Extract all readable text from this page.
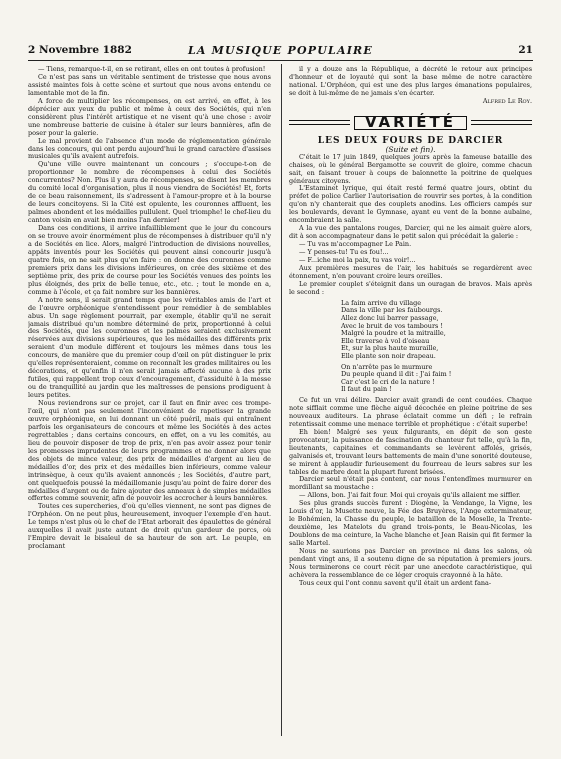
2 Novembre 1882	LA MUSIQUE POPULAIRE	21

— Tiens, remarque-t-il, en se retirant, elles en ont toutes à profusion!

Ce n'est pas sans un véritable sentiment de tristesse que nous avons assisté maintes fois à cette scène et surtout que nous avons entendu ce lamentable mot de la fin.

A force de multiplier les récompenses, on est arrivé, en effet, à les déprécier aux yeux du public et même à ceux des Sociétés, qui n'en considèrent plus l'intérêt artistique et ne visent qu'à une chose : avoir une nombreuse batterie de cuisine à étaler sur leurs bannières, afin de poser pour la galerie.

Le mal provient de l'absence d'un mode de réglementation générale dans les concours, qui ont perdu aujourd'hui le grand caractère d'assises musicales qu'ils avaient autrefois.

Qu'une ville ouvre maintenant un concours ; s'occupe-t-on de proportionner le nombre de récompenses à celui des Sociétés concurrentes? Non. Plus il y aura de récompenses, se disent les membres du comité local d'organisation, plus il nous viendra de Sociétés! Et, forts de ce beau raisonnement, ils s'adressent à l'amour-propre et à la bourse de leurs concitoyens. Si la Cité est opulente, les couronnes affluent, les palmes abondent et les médailles pullulent. Quel triomphe! le chef-lieu du canton voisin en avait bien moins l'an dernier!

Dans ces conditions, il arrive infailliblement que le jour du concours on se trouve avoir énormément plus de récompenses à distribuer qu'il n'y a de Sociétés en lice. Alors, malgré l'introduction de divisions nouvelles, appâts inventés pour les Sociétés qui peuvent ainsi concourir jusqu'à quatre fois, on ne sait plus qu'en faire : on donne des couronnes comme premiers prix dans les divisions inférieures, on crée des sixième et des septième prix, des prix de course pour les Sociétés venues des points les plus éloignés, des prix de belle tenue, etc., etc. ; tout le monde en a, comme à l'école, et ça fait nombre sur les bannières.

A notre sens, il serait grand temps que les véritables amis de l'art et de l'œuvre orphéonique s'entendissent pour remédier à de semblables abus. Un sage règlement pourrait, par exemple, établir qu'il ne serait jamais distribué qu'un nombre déterminé de prix, proportionné à celui des Sociétés, que les couronnes et les palmes seraient exclusivement réservées aux divisions supérieures, que les médailles des différents prix seraient d'un module différent et toujours les mêmes dans tous les concours, de manière que du premier coup d'œil on pût distinguer le prix qu'elles représenteraient, comme on reconnaît les grades militaires ou les décorations, et qu'enfin il n'en serait jamais affecté aucune à des prix futiles, qui rappellent trop ceux d'encouragement, d'assiduité à la messe ou de tranquillité au jardin que les maîtresses de pensions prodiguent à leurs petites.

Nous reviendrons sur ce projet, car il faut en finir avec ces trompe-l'œil, qui n'ont pas seulement l'inconvénient de rapetisser la grande œuvre orphéonique, en lui donnant un côté puéril, mais qui entraînent parfois les organisateurs de concours et même les Sociétés à des actes regrettables ; dans certains concours, en effet, on a vu les comités, au lieu de pouvoir disposer de trop de prix, n'en pas avoir assez pour tenir les promesses imprudentes de leurs programmes et ne donner alors que des objets de mince valeur, des prix de médailles d'argent au lieu de médailles d'or, des prix et des médailles bien inférieurs, comme valeur intrinsèque, à ceux qu'ils avaient annoncés ; les Sociétés, d'autre part, ont quelquefois poussé la médaillomanie jusqu'au point de faire dorer des médailles d'argent ou de faire ajouter des anneaux à de simples médailles offertes comme souvenir, afin de pouvoir les accrocher à leurs bannières.

Toutes ces supercheries, d'où qu'elles viennent, ne sont pas dignes de l'Orphéon. On ne peut plus, heureusement, invoquer l'exemple d'en haut. Le temps n'est plus où le chef de l'Etat arborait des épaulettes de général auxquelles il avait juste autant de droit qu'un gardeur de porcs, où l'Empire devait le bisaïeul de sa hauteur de son art. Le peuple, en proclamant

il y a douze ans la République, a décrété le retour aux principes d'honneur et de loyauté qui sont la base même de notre caractère national. L'Orphéon, qui est une des plus larges émanations populaires, se doit à lui-même de ne jamais s'en écarter.

Alfred Le Roy.

VARIÉTÉ

LES DEUX FOURS DE DARCIER

(Suite et fin).

C'était le 17 juin 1849, quelques jours après la fameuse bataille des chaises, où le général Bergamotte se couvrit de gloire, comme chacun sait, en faisant trouer à coups de baïonnette la poitrine de quelques généraux citoyens.

L'Estaminet lyrique, qui était resté fermé quatre jours, obtint du préfet de police Carlier l'autorisation de rouvrir ses portes, à la condition qu'on n'y chanterait que des couplets anodins. Les officiers campés sur les boulevards, devant le Gymnase, ayant eu vent de la bonne aubaine, encombraient la salle.

A la vue des pantalons rouges, Darcier, qui ne les aimait guère alors, dit à son accompagnateur dans le petit salon qui précédait la galerie :

— Tu vas m'accompagner Le Pain.

— Y penses-tu! Tu es fou!...

— F...iche moi la paix, tu vas voir!...

Aux premières mesures de l'air, les habitués se regardèrent avec étonnement, n'en pouvant croire leurs oreilles.

Le premier couplet s'éteignit dans un ouragan de bravos. Mais après le second :

La faim arrive du village
Dans la ville par les faubourgs.
Allez donc lui barrer passage,
Avec le bruit de vos tambours !
Malgré la poudre et la mitraille,
Elle traverse à vol d'oiseau
Et, sur la plus haute muraille,
Elle plante son noir drapeau.
On n'arrête pas le murmure
Du peuple quand il dit : J'ai faim !
Car c'est le cri de la nature !
Il faut du pain !

Ce fut un vrai délire. Darcier avait grandi de cent coudées. Chaque note sifflait comme une flèche aiguë décochée en pleine poitrine de ses nouveaux auditeurs. La phrase éclatait comme un défi ; le refrain retentissait comme une menace terrible et prophétique : c'était superbe!

Eh bien! Malgré ses yeux fulgurants, en dépit de son geste provocateur, la puissance de fascination du chanteur fut telle, qu'à la fin, lieutenants, capitaines et commandants se levèrent affolés, grisés, galvanisés et, trouvant leurs battements de main d'une sonorité douteuse, se mirent à applaudir furieusement du fourreau de leurs sabres sur les tables de marbre dont la plupart furent brisées.

Darcier seul n'était pas content, car nous l'entendîmes murmurer en mordillant sa moustache :

— Allons, bon. J'ai fait four. Moi qui croyais qu'ils allaient me siffler.

Ses plus grands succès furent : Diogène, la Vendange, la Vigne, les Louis d'or, la Musette neuve, la Fée des Bruyères, l'Ange exterminateur, le Bohémien, la Chasse du peuple, le bataillon de la Moselle, la Trente-deuxième, les Matelots du grand trois-ponts, le Beau-Nicolas, les Doublons de ma ceinture, la Vache blanche et Jean Raisin qui fit fermer la salle Martel.

Nous ne saurions pas Darcier en province ni dans les salons, où pendant vingt ans, il a soutenu digne de sa réputation à premiers jours. Nous terminerons ce court récit par une anecdote caractéristique, qui achèvera la ressemblance de ce léger croquis crayonné à la hâte.

Tous ceux qui l'ont connu savent qu'il était un ardent fana-
